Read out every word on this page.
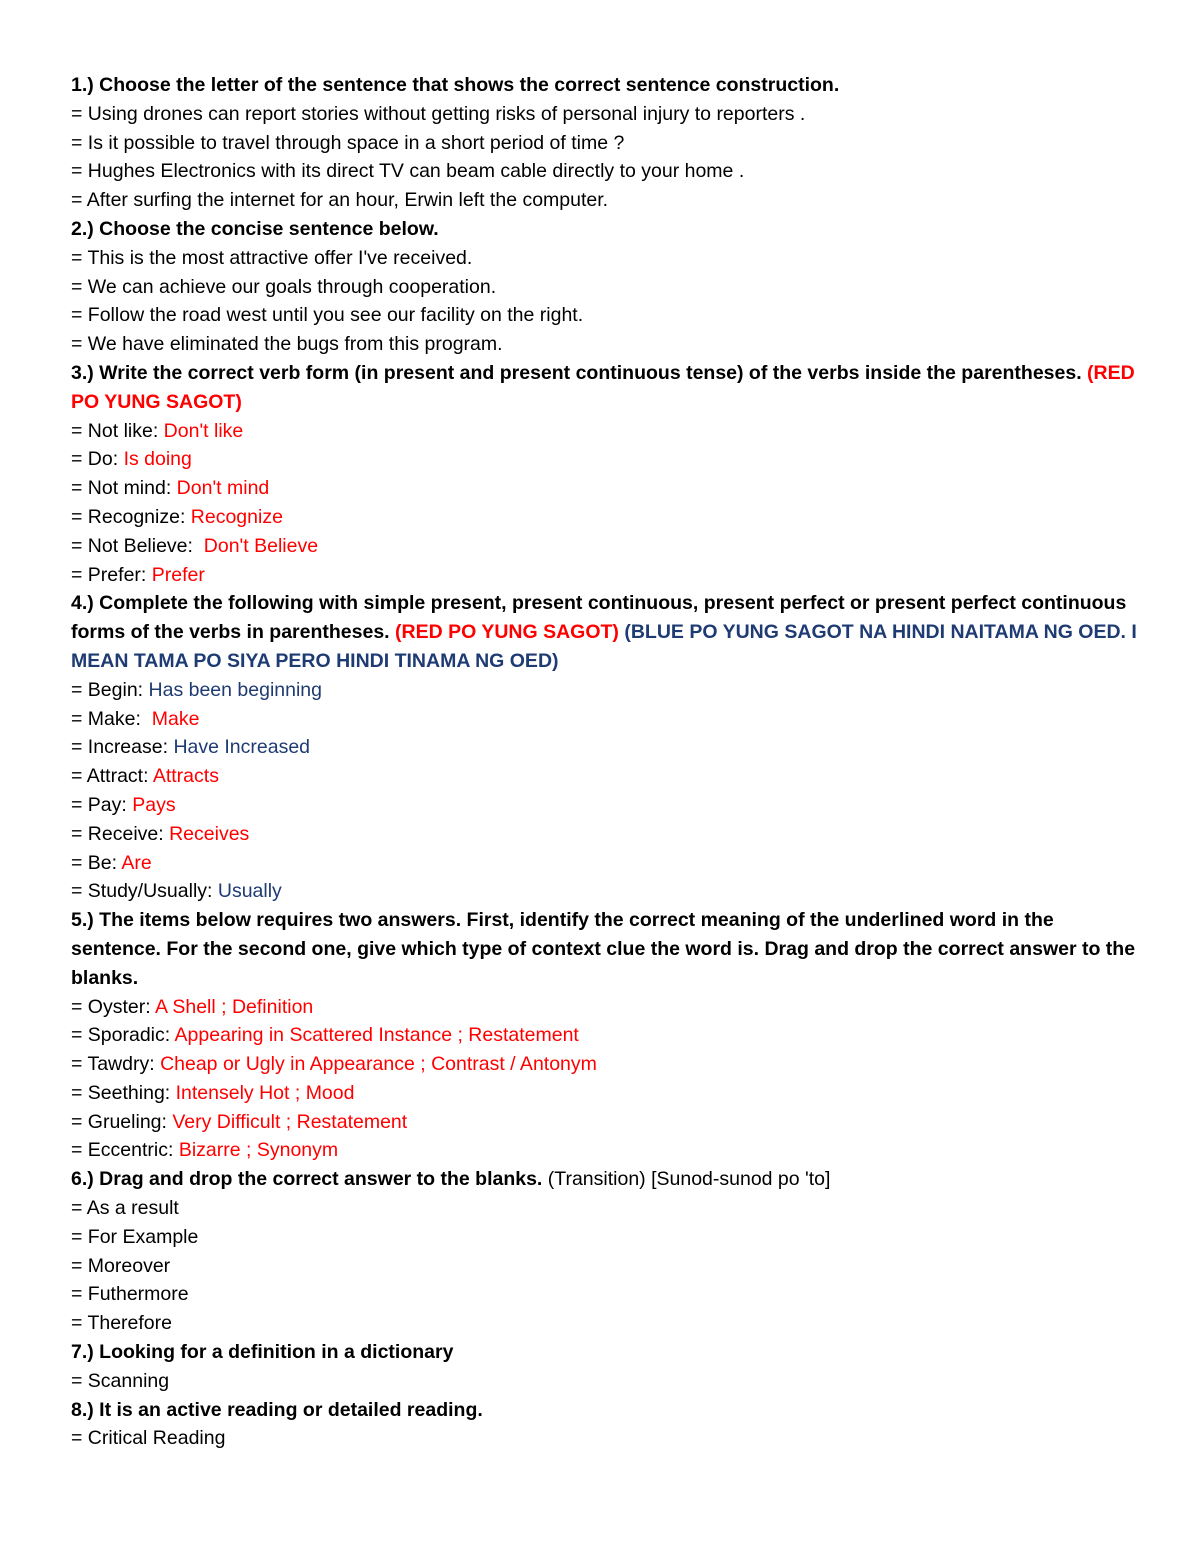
1.) Choose the letter of the sentence that shows the correct sentence construction.
= Using drones can report stories without getting risks of personal injury to reporters .
= Is it possible to travel through space in a short period of time ?
= Hughes Electronics with its direct TV can beam cable directly to your home .
= After surfing the internet for an hour, Erwin left the computer.
2.) Choose the concise sentence below.
= This is the most attractive offer I've received.
= We can achieve our goals through cooperation.
= Follow the road west until you see our facility on the right.
= We have eliminated the bugs from this program.
3.) Write the correct verb form (in present and present continuous tense) of the verbs inside the parentheses. (RED PO YUNG SAGOT)
= Not like: Don't like
= Do: Is doing
= Not mind: Don't mind
= Recognize: Recognize
= Not Believe:  Don't Believe
= Prefer: Prefer
4.) Complete the following with simple present, present continuous, present perfect or present perfect continuous forms of the verbs in parentheses. (RED PO YUNG SAGOT) (BLUE PO YUNG SAGOT NA HINDI NAITAMA NG OED. I MEAN TAMA PO SIYA PERO HINDI TINAMA NG OED)
= Begin: Has been beginning
= Make:  Make
= Increase: Have Increased
= Attract: Attracts
= Pay: Pays
= Receive: Receives
= Be: Are
= Study/Usually: Usually
5.) The items below requires two answers. First, identify the correct meaning of the underlined word in the sentence. For the second one, give which type of context clue the word is. Drag and drop the correct answer to the blanks.
= Oyster: A Shell ; Definition
= Sporadic: Appearing in Scattered Instance ; Restatement
= Tawdry: Cheap or Ugly in Appearance ; Contrast / Antonym
= Seething: Intensely Hot ; Mood
= Grueling: Very Difficult ; Restatement
= Eccentric: Bizarre ; Synonym
6.) Drag and drop the correct answer to the blanks. (Transition) [Sunod-sunod po 'to]
= As a result
= For Example
= Moreover
= Futhermore
= Therefore
7.) Looking for a definition in a dictionary
= Scanning
8.) It is an active reading or detailed reading.
= Critical Reading
